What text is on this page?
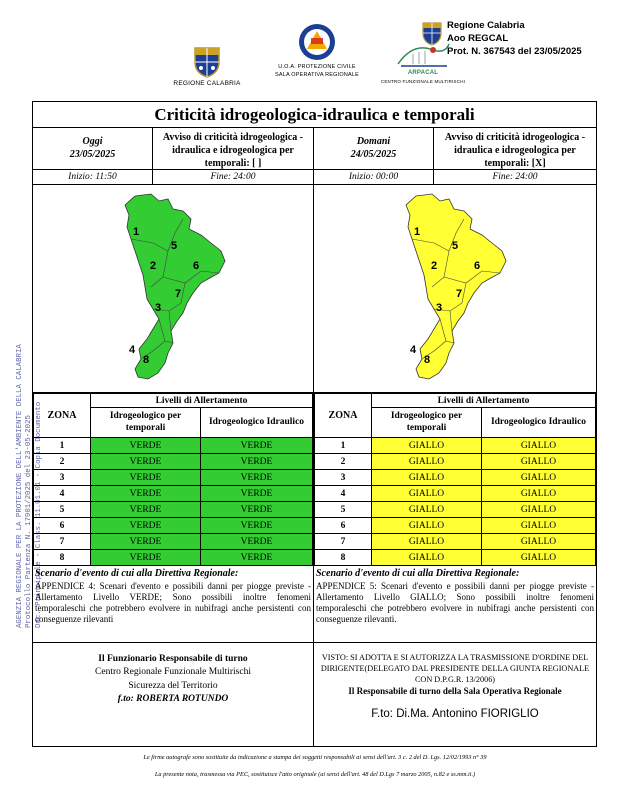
REGIONE CALABRIA
U.O.A. PROTEZIONE CIVILE
SALA OPERATIVA REGIONALE	ARPACAL
CENTRO FUNZIONALE MULTIRISCHI
Regione Calabria
Aoo REGCAL
Prot. N. 367543 del 23/05/2025
AGENZIA REGIONALE PER LA PROTEZIONE DELL'AMBIENTE DELLA CALABRIA Protocollo Partenza N. 17901/2025 del 23-05-2025 Doc. Principale - Class. 11.01.01 - Copia Documento
Criticità idrogeologica-idraulica e temporali
Oggi
23/05/2025
Avviso di criticità idrogeologica - idraulica e idrogeologica per temporali: [ ]
Inizio: 11:50	Fine: 24:00
1
5
2	6
7
3
4
8
ZONA	Livelli di Allertamento	
	Idrogeologico per temporali	Idrogeologico Idraulico
1	VERDE	VERDE
2	VERDE	VERDE
3	VERDE	VERDE
4	VERDE	VERDE
5	VERDE	VERDE
6	VERDE	VERDE
7	VERDE	VERDE
8	VERDE	VERDE
Scenario d'evento di cui alla Direttiva Regionale:

APPENDICE 4: Scenari d'evento e possibili danni per piogge previste - Allertamento Livello VERDE; Sono possibili inoltre fenomeni temporaleschi che potrebbero evolvere in nubifragi anche persistenti con conseguenze rilevanti

Domani
24/05/2025
Avviso di criticità idrogeologica - idraulica e idrogeologica per temporali: [X]
Inizio: 00:00	Fine: 24:00
1
5
2	6
7
3
4
8
ZONA	Livelli di Allertamento	
	Idrogeologico per temporali	Idrogeologico Idraulico
1	GIALLO	GIALLO
2	GIALLO	GIALLO
3	GIALLO	GIALLO
4	GIALLO	GIALLO
5	GIALLO	GIALLO
6	GIALLO	GIALLO
7	GIALLO	GIALLO
8	GIALLO	GIALLO
Scenario d'evento di cui alla Direttiva Regionale:

APPENDICE 5: Scenari d'evento e possibili danni per piogge previste - Allertamento Livello GIALLO; Sono possibili inoltre fenomeni temporaleschi che potrebbero evolvere in nubifragi anche persistenti con conseguenze rilevanti.

Il Funzionario Responsabile di turno
Centro Regionale Funzionale Multirischi
Sicurezza del Territorio
f.to: ROBERTA ROTUNDO
VISTO: SI ADOTTA E SI AUTORIZZA LA TRASMISSIONE D'ORDINE DEL DIRIGENTE(DELEGATO DAL PRESIDENTE DELLA GIUNTA REGIONALE CON D.P.G.R. 13/2006)
Il Responsabile di turno della Sala Operativa Regionale
F.to: Di.Ma. Antonino FIORIGLIO
Le firme autografe sono sostituite da indicazione a stampa dei soggetti responsabili ai sensi dell'art. 3 c. 2 del D. Lgs. 12/02/1993 n° 39
La presente nota, trasmessa via PEC, sostituisce l'atto originale (ai sensi dell'art. 48 del D.Lgs 7 marzo 2005, n.82 e ss.mm.ii.)
